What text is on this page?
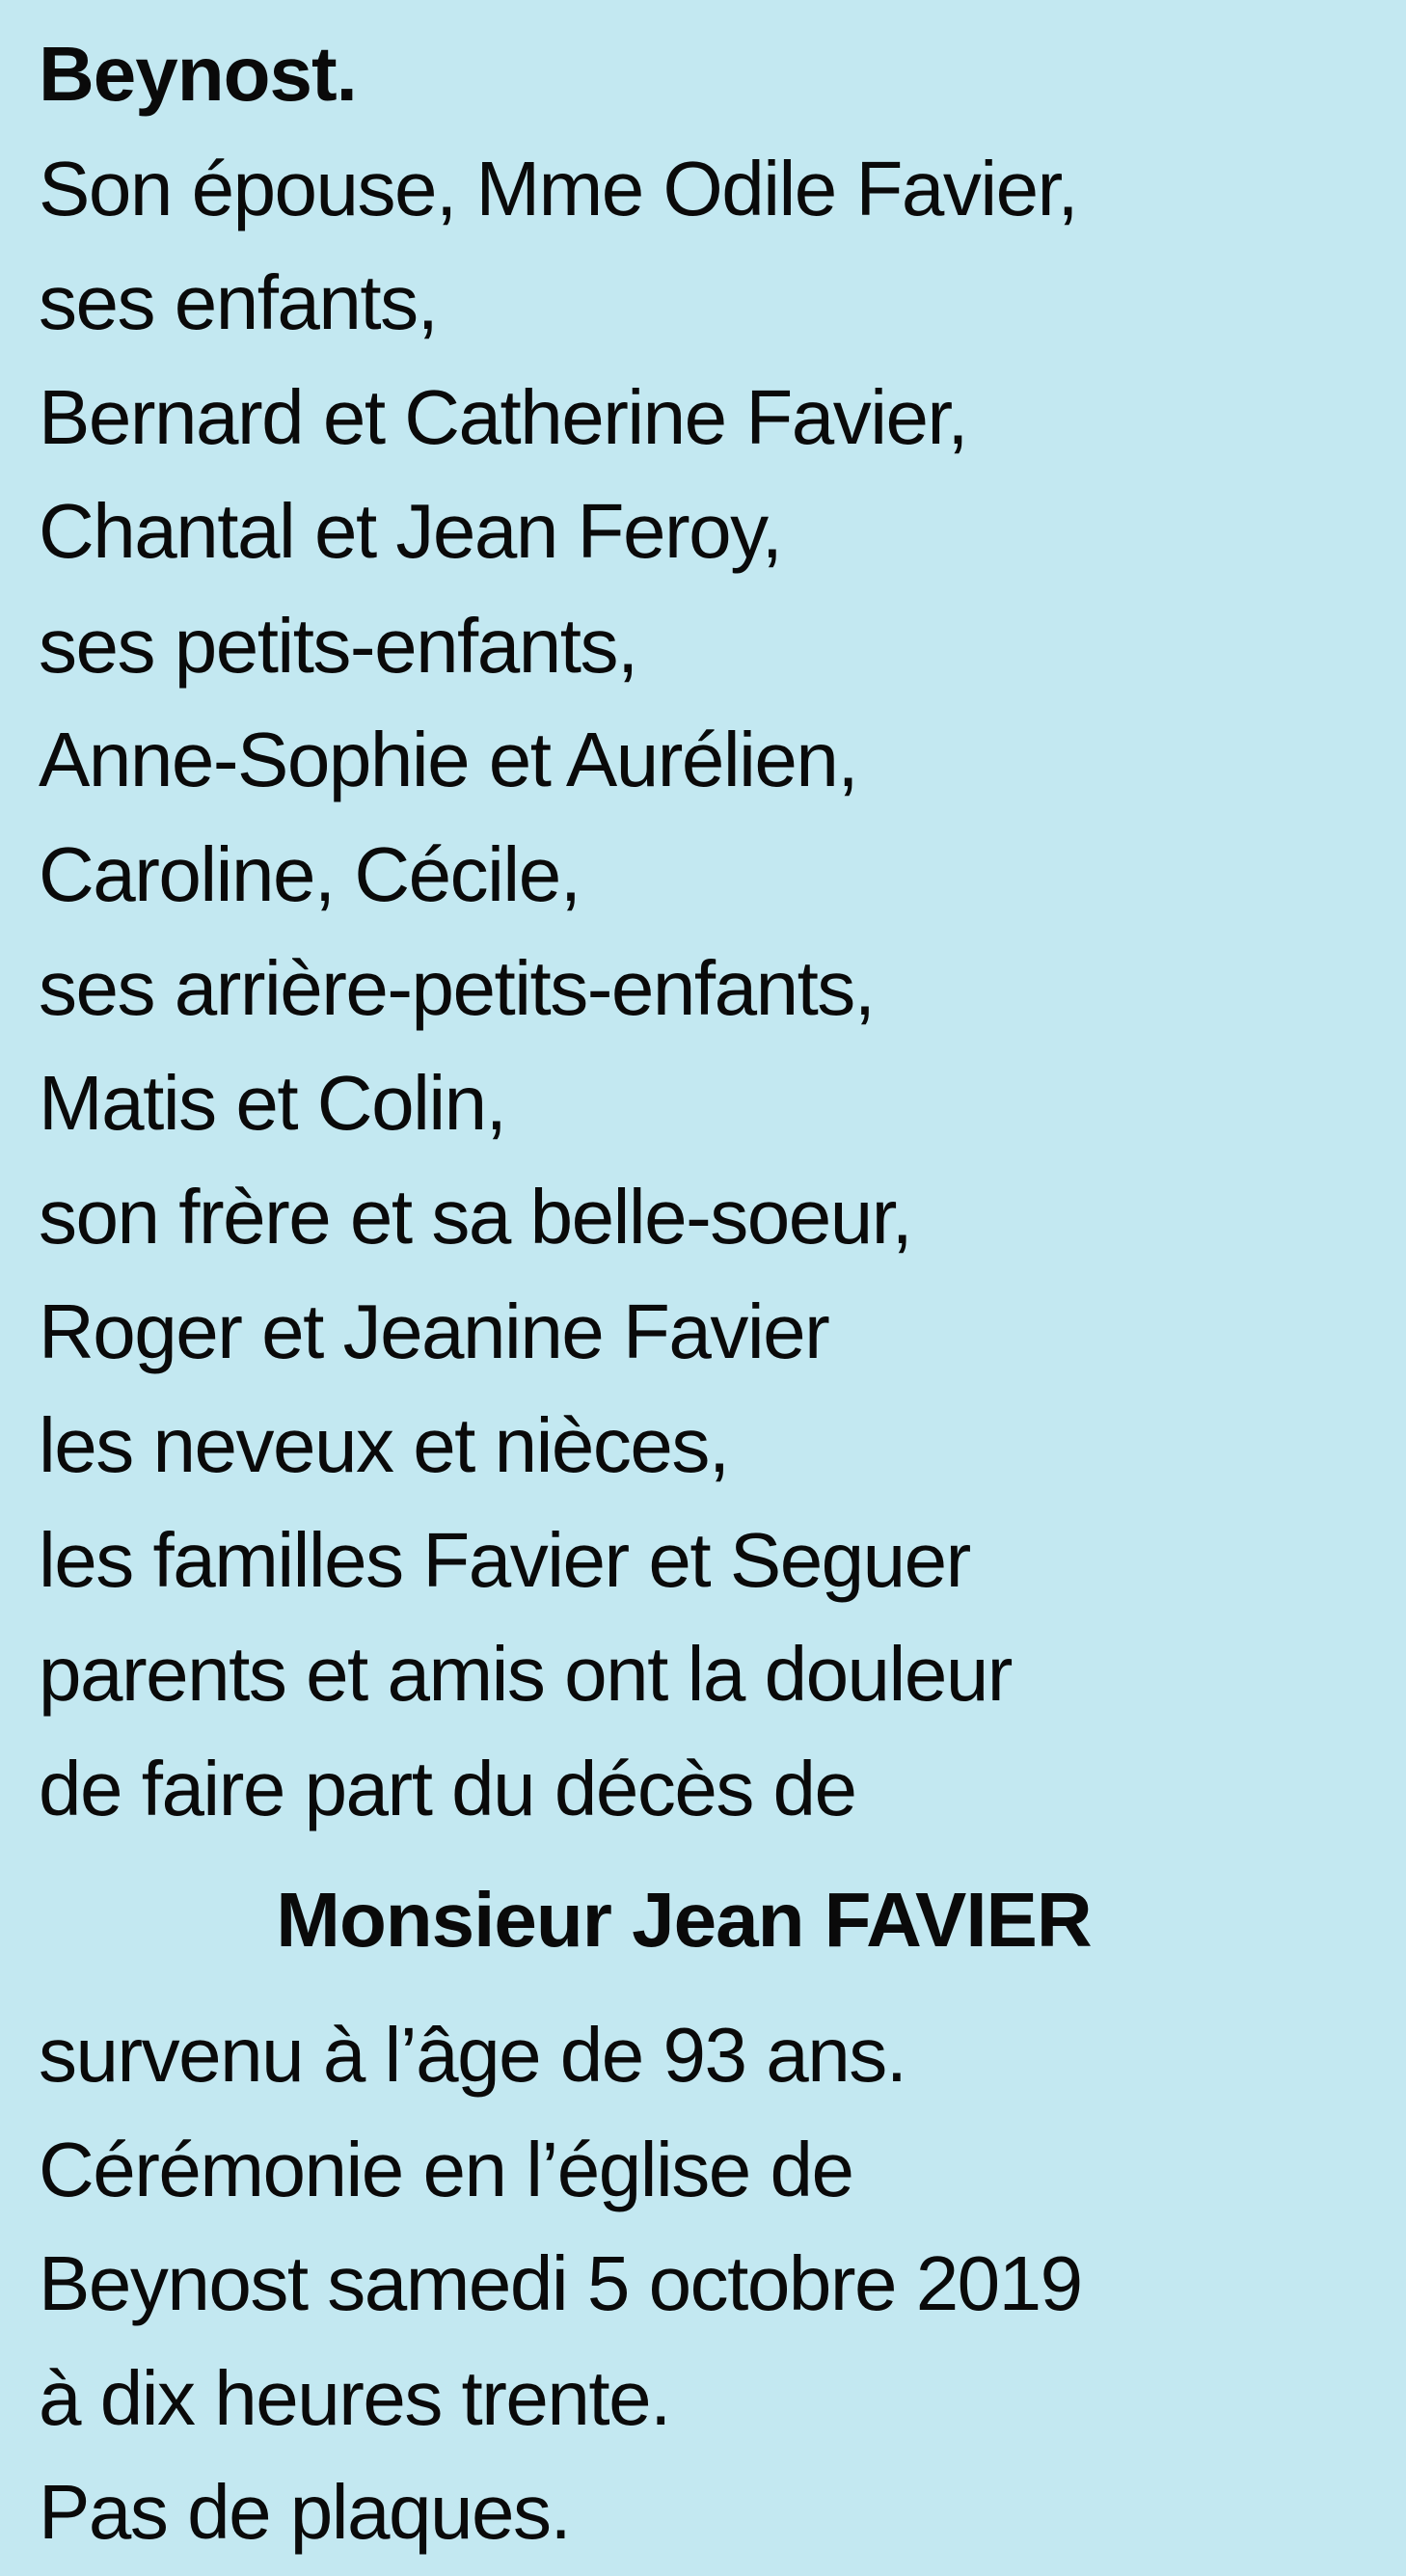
Beynost.
Son épouse, Mme Odile Favier,
ses enfants,
Bernard et Catherine Favier,
Chantal et Jean Feroy,
ses petits-enfants,
Anne-Sophie et Aurélien,
Caroline, Cécile,
ses arrière-petits-enfants,
Matis et Colin,
son frère et sa belle-soeur,
Roger et Jeanine Favier
les neveux et nièces,
les familles Favier et Seguer
parents et amis ont la douleur
de faire part du décès de
Monsieur Jean FAVIER
survenu à l’âge de 93 ans.
Cérémonie en l’église de
Beynost samedi 5 octobre 2019
à dix heures trente.
Pas de plaques.
